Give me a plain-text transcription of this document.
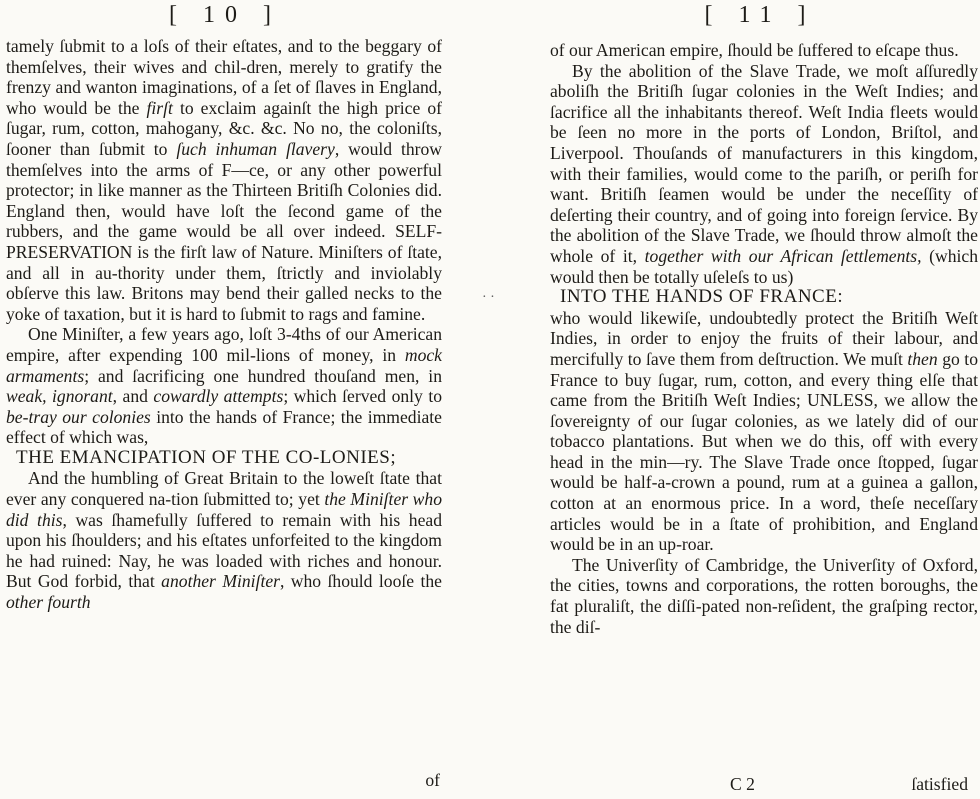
[ 10 ]

tamely ſubmit to a loſs of their eſtates, and to the beggary of themſelves, their wives and chil-dren, merely to gratify the frenzy and wanton imaginations, of a ſet of ſlaves in England, who would be the firſt to exclaim againſt the high price of ſugar, rum, cotton, mahogany, &c. &c. No no, the coloniſts, ſooner than ſubmit to ſuch inhuman ſlavery, would throw themſelves into the arms of F—ce, or any other powerful protector; in like manner as the Thirteen Britiſh Colonies did. England then, would have loſt the ſecond game of the rubbers, and the game would be all over indeed. SELF-PRESERVATION is the firſt law of Nature. Miniſters of ſtate, and all in au-thority under them, ſtrictly and inviolably obſerve this law. Britons may bend their galled necks to the yoke of taxation, but it is hard to ſubmit to rags and famine.

One Miniſter, a few years ago, loſt 3-4ths of our American empire, after expending 100 mil-lions of money, in mock armaments; and ſacrificing one hundred thouſand men, in weak, ignorant, and cowardly attempts; which ſerved only to be-tray our colonies into the hands of France; the immediate effect of which was,

THE EMANCIPATION OF THE CO-LONIES;

And the humbling of Great Britain to the loweſt ſtate that ever any conquered na-tion ſubmitted to; yet the Miniſter who did this, was ſhamefully ſuffered to remain with his head upon his ſhoulders; and his eſtates unforfeited to the kingdom he had ruined: Nay, he was loaded with riches and honour. But God forbid, that another Miniſter, who ſhould looſe the other fourth

of
· ·
[ 11 ]

of our American empire, ſhould be ſuffered to eſcape thus.

By the abolition of the Slave Trade, we moſt aſſuredly aboliſh the Britiſh ſugar colonies in the Weſt Indies; and ſacrifice all the inhabitants thereof. Weſt India fleets would be ſeen no more in the ports of London, Briſtol, and Liverpool. Thouſands of manufacturers in this kingdom, with their families, would come to the pariſh, or periſh for want. Britiſh ſeamen would be under the neceſſity of deſerting their country, and of going into foreign ſervice. By the abolition of the Slave Trade, we ſhould throw almoſt the whole of it, together with our African ſettlements, (which would then be totally uſeleſs to us)

INTO THE HANDS OF FRANCE:

who would likewiſe, undoubtedly protect the Britiſh Weſt Indies, in order to enjoy the fruits of their labour, and mercifully to ſave them from deſtruction. We muſt then go to France to buy ſugar, rum, cotton, and every thing elſe that came from the Britiſh Weſt Indies; UNLESS, we allow the ſovereignty of our ſugar colonies, as we lately did of our tobacco plantations. But when we do this, off with every head in the min—ry. The Slave Trade once ſtopped, ſugar would be half-a-crown a pound, rum at a guinea a gallon, cotton at an enormous price. In a word, theſe neceſſary articles would be in a ſtate of prohibition, and England would be in an up-roar.

The Univerſity of Cambridge, the Univerſity of Oxford, the cities, towns and corporations, the rotten boroughs, the fat pluraliſt, the diſſi-pated non-reſident, the graſping rector, the diſ-

C 2	ſatisfied
